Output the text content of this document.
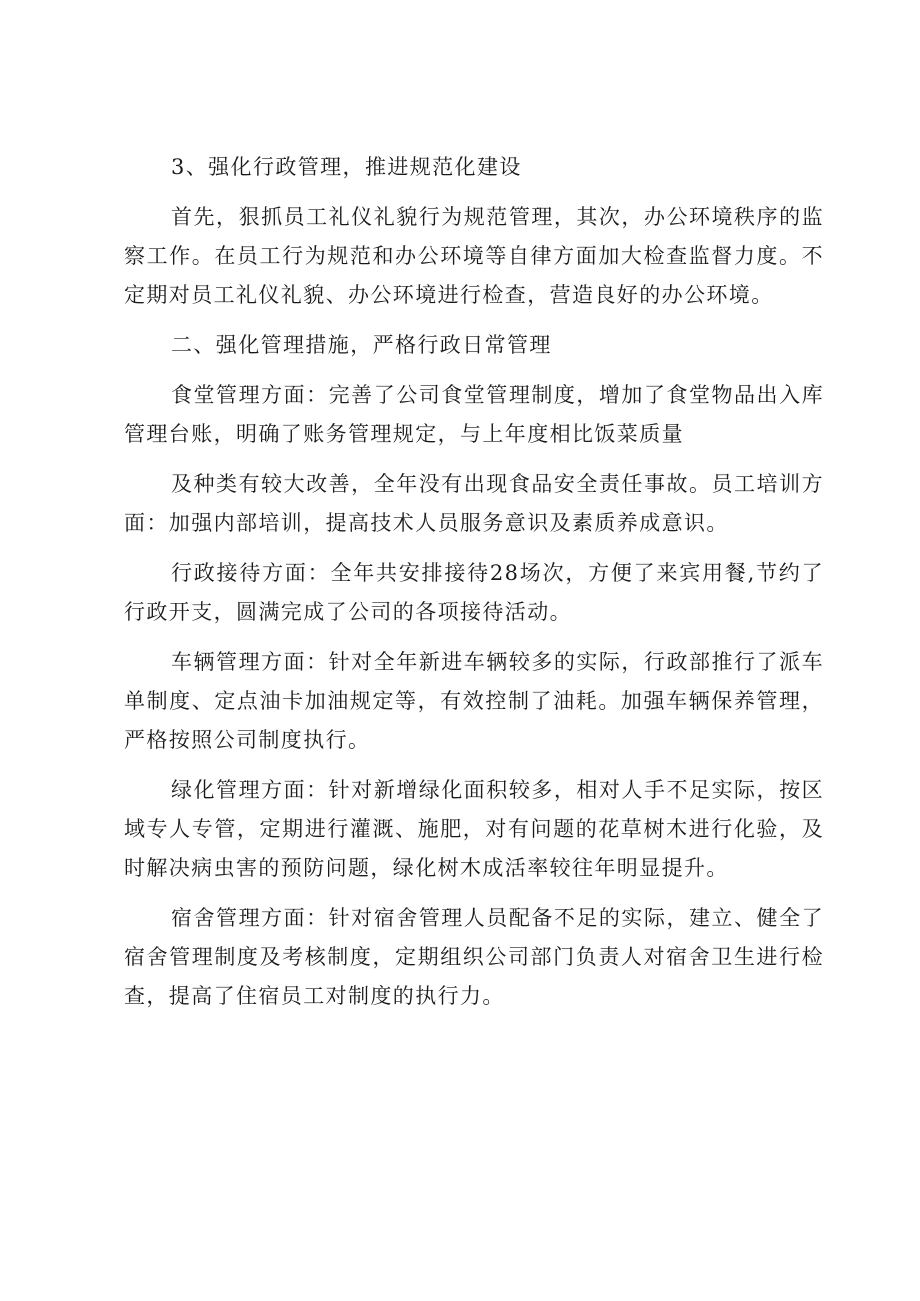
3、强化行政管理，推进规范化建设

首先，狠抓员工礼仪礼貌行为规范管理，其次，办公环境秩序的监察工作。在员工行为规范和办公环境等自律方面加大检查监督力度。不定期对员工礼仪礼貌、办公环境进行检查，营造良好的办公环境。

二、强化管理措施，严格行政日常管理

食堂管理方面：完善了公司食堂管理制度，增加了食堂物品出入库管理台账，明确了账务管理规定，与上年度相比饭菜质量

及种类有较大改善，全年没有出现食品安全责任事故。员工培训方面：加强内部培训，提高技术人员服务意识及素质养成意识。

行政接待方面：全年共安排接待28场次，方便了来宾用餐,节约了行政开支，圆满完成了公司的各项接待活动。

车辆管理方面：针对全年新进车辆较多的实际，行政部推行了派车单制度、定点油卡加油规定等，有效控制了油耗。加强车辆保养管理，严格按照公司制度执行。

绿化管理方面：针对新增绿化面积较多，相对人手不足实际，按区域专人专管，定期进行灌溉、施肥，对有问题的花草树木进行化验，及时解决病虫害的预防问题，绿化树木成活率较往年明显提升。

宿舍管理方面：针对宿舍管理人员配备不足的实际，建立、健全了宿舍管理制度及考核制度，定期组织公司部门负责人对宿舍卫生进行检查，提高了住宿员工对制度的执行力。
